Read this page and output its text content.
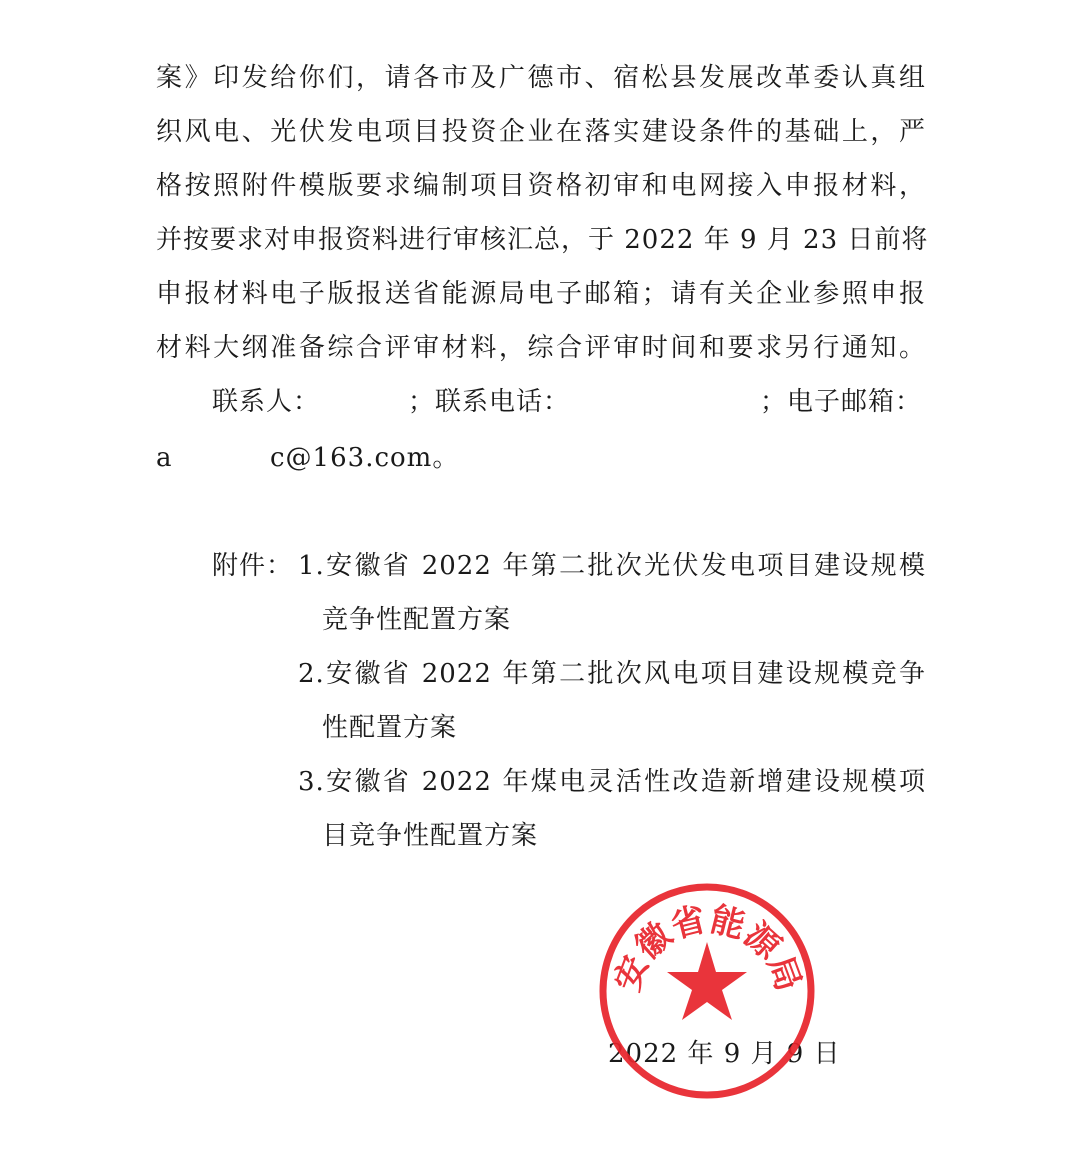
案》印发给你们，请各市及广德市、宿松县发展改革委认真组
织风电、光伏发电项目投资企业在落实建设条件的基础上，严
格按照附件模版要求编制项目资格初审和电网接入申报材料，
并按要求对申报资料进行审核汇总，于 2022 年 9 月 23 日前将
申报材料电子版报送省能源局电子邮箱；请有关企业参照申报
材料大纲准备综合评审材料，综合评审时间和要求另行通知。
联系人：	；联系电话：	；电子邮箱：
a	c@163.com。
附件： 1.安徽省 2022 年第二批次光伏发电项目建设规模
竞争性配置方案
2.安徽省 2022 年第二批次风电项目建设规模竞争
性配置方案
3.安徽省 2022 年煤电灵活性改造新增建设规模项
目竞争性配置方案
2022 年 9 月 9 日
安徽省能源局
